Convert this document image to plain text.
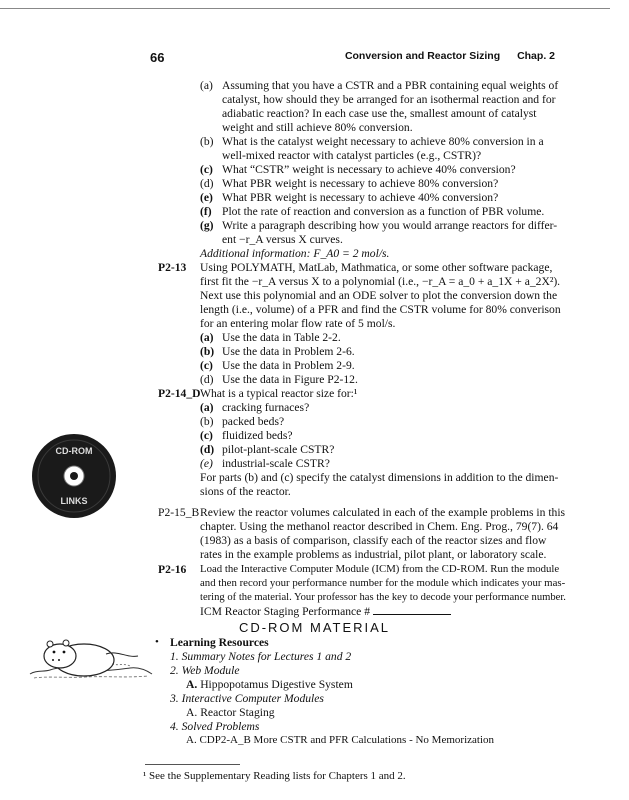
66	Conversion and Reactor Sizing Chap. 2
(a) Assuming that you have a CSTR and a PBR containing equal weights of
catalyst, how should they be arranged for an isothermal reaction and for
adiabatic reaction? In each case use the, smallest amount of catalyst
weight and still achieve 80% conversion.
(b) What is the catalyst weight necessary to achieve 80% conversion in a
well-mixed reactor with catalyst particles (e.g., CSTR)?
(c) What “CSTR” weight is necessary to achieve 40% conversion?
(d) What PBR weight is necessary to achieve 80% conversion?
(e) What PBR weight is necessary to achieve 40% conversion?
(f) Plot the rate of reaction and conversion as a function of PBR volume.
(g) Write a paragraph describing how you would arrange reactors for differ-
ent −r_A versus X curves.
Additional information: F_A0 = 2 mol/s.
P2-13 Using POLYMATH, MatLab, Mathmatica, or some other software package,
first fit the −r_A versus X to a polynomial (i.e., −r_A = a_0 + a_1X + a_2X²).
Next use this polynomial and an ODE solver to plot the conversion down the
length (i.e., volume) of a PFR and find the CSTR volume for 80% converison
for an entering molar flow rate of 5 mol/s.
(a) Use the data in Table 2-2.
(b) Use the data in Problem 2-6.
(c) Use the data in Problem 2-9.
(d) Use the data in Figure P2-12.
P2-14_D What is a typical reactor size for:¹
(a) cracking furnaces?
(b) packed beds?
(c) fluidized beds?
(d) pilot-plant-scale CSTR?
(e) industrial-scale CSTR?
For parts (b) and (c) specify the catalyst dimensions in addition to the dimen-
sions of the reactor.
CD-ROM
LINKS
P2-15_B Review the reactor volumes calculated in each of the example problems in this
chapter. Using the methanol reactor described in Chem. Eng. Prog., 79(7). 64
(1983) as a basis of comparison, classify each of the reactor sizes and flow
rates in the example problems as industrial, pilot plant, or laboratory scale.
P2-16 Load the Interactive Computer Module (ICM) from the CD-ROM. Run the module
and then record your performance number for the module which indicates your mas-
tering of the material. Your professor has the key to decode your performance number.
ICM Reactor Staging Performance #
CD-ROM MATERIAL
• Learning Resources
1. Summary Notes for Lectures 1 and 2
2. Web Module
A. Hippopotamus Digestive System
3. Interactive Computer Modules
A. Reactor Staging
4. Solved Problems
A. CDP2-A_B More CSTR and PFR Calculations - No Memorization
¹ See the Supplementary Reading lists for Chapters 1 and 2.
